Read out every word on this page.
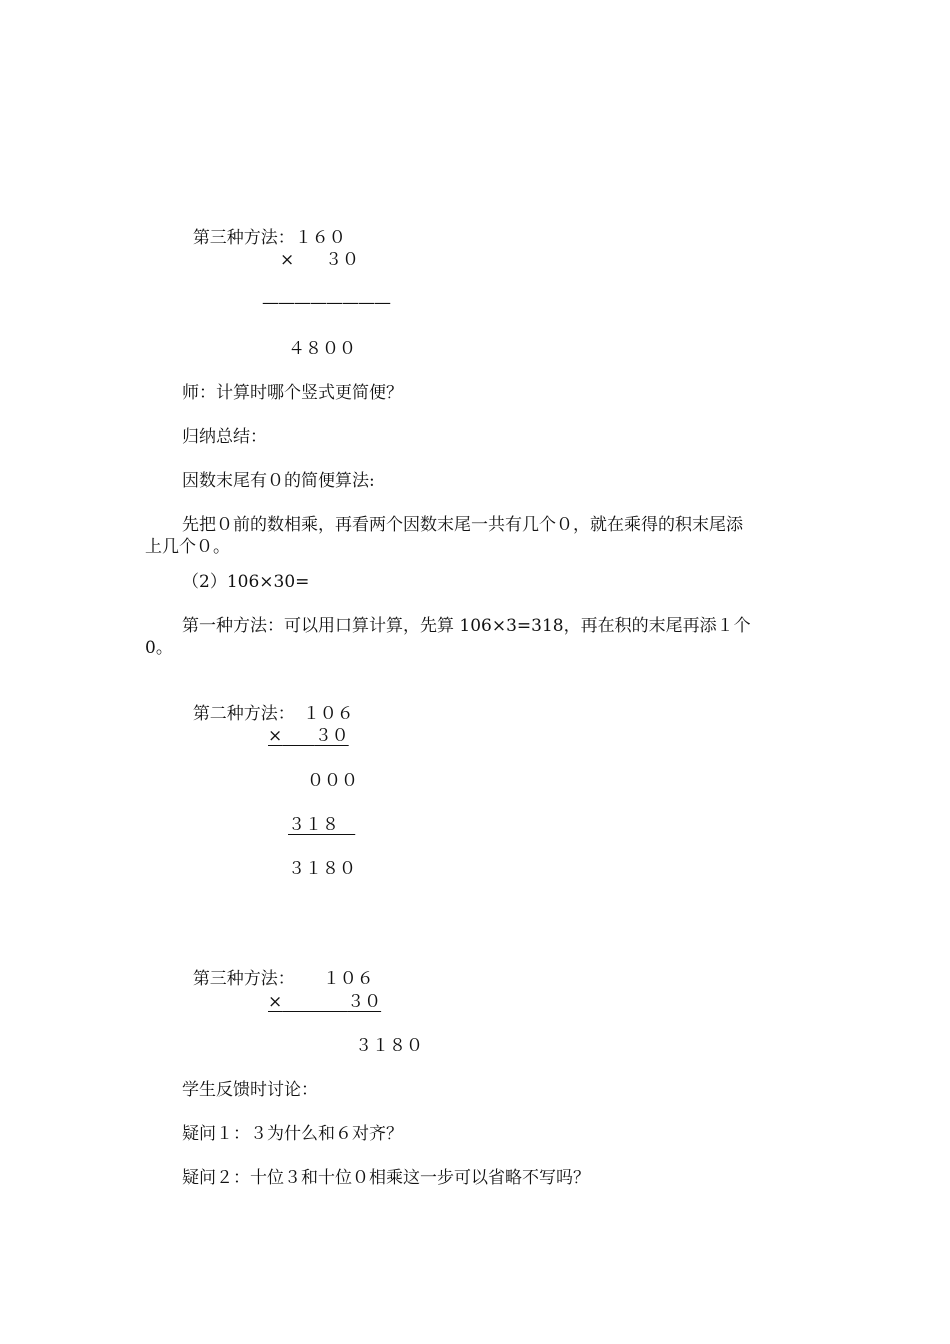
第三种方法：１６０

× ３０
————————
４８００
师：计算时哪个竖式更简便？
归纳总结：
因数末尾有０的简便算法:
先把０前的数相乘，再看两个因数末尾一共有几个０，就在乘得的积末尾添
上几个０。
（2）106×30=
第一种方法：可以用口算计算，先算 106×3=318，再在积的末尾再添１个
0。

第二种方法： １０６

× ３０
０００
３１８
３１８０

第三种方法： １０６

×	３０
３１８０
学生反馈时讨论：
疑问１：３为什么和６对齐？
疑问２：十位３和十位０相乘这一步可以省略不写吗？
